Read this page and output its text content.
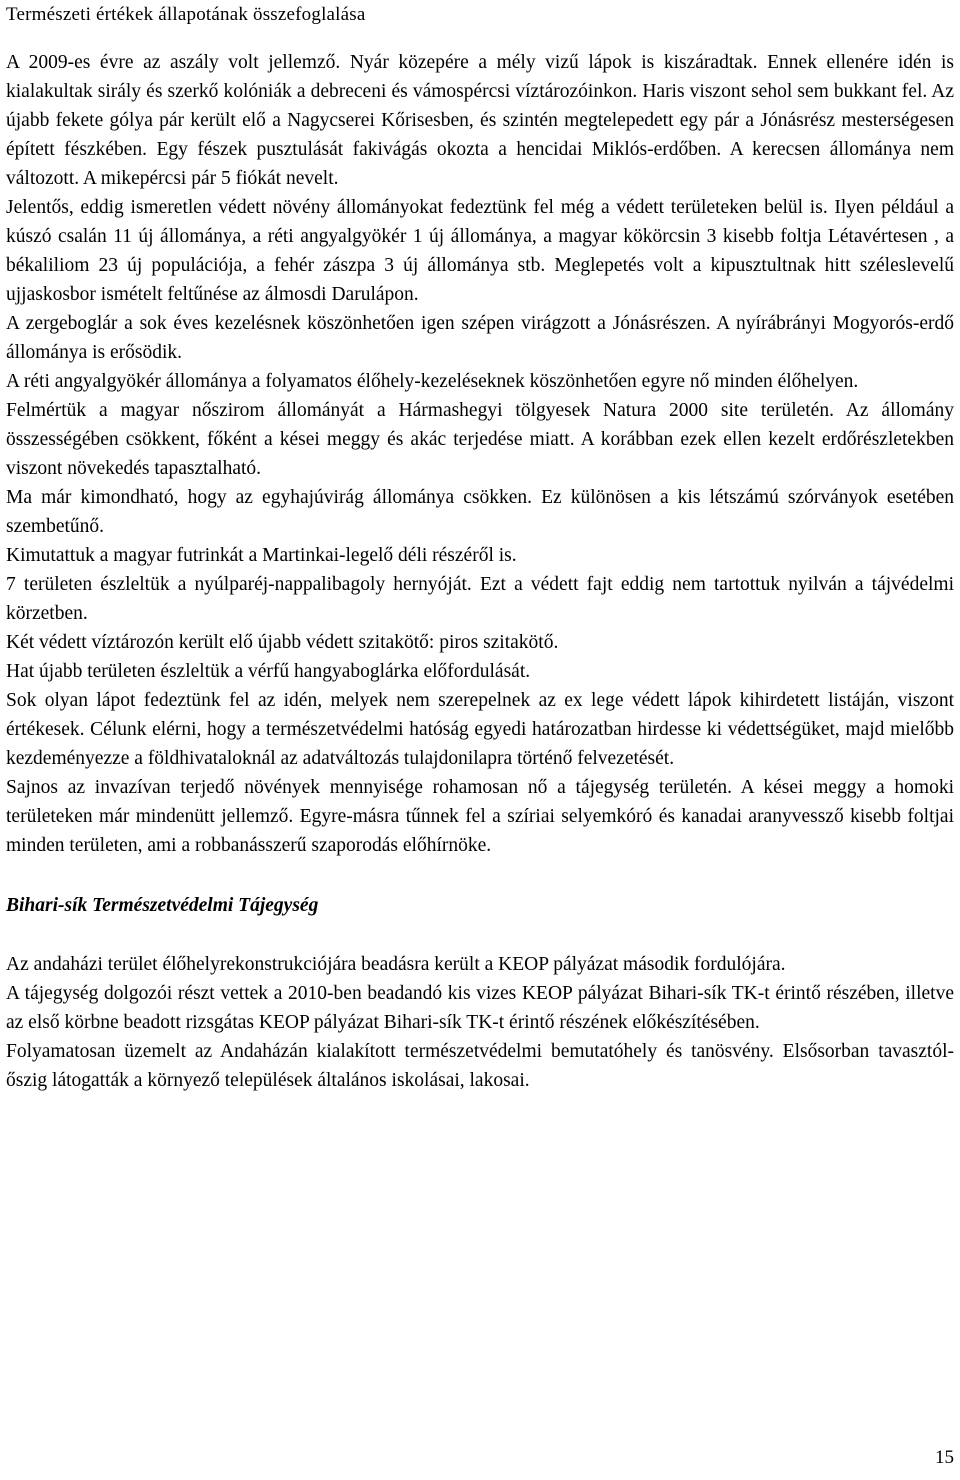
Természeti értékek állapotának összefoglalása

A 2009-es évre az aszály volt jellemző. Nyár közepére a mély vizű lápok is kiszáradtak. Ennek ellenére idén is kialakultak sirály és szerkő kolóniák a debreceni és vámospércsi víztározóinkon. Haris viszont sehol sem bukkant fel. Az újabb fekete gólya pár került elő a Nagycserei Kőrisesben, és szintén megtelepedett egy pár a Jónásrész mesterségesen épített fészkében. Egy fészek pusztulását fakivágás okozta a hencidai Miklós-erdőben. A kerecsen állománya nem változott. A mikepércsi pár 5 fiókát nevelt.

Jelentős, eddig ismeretlen védett növény állományokat fedeztünk fel még a védett területeken belül is. Ilyen például a kúszó csalán 11 új állománya, a réti angyalgyökér 1 új állománya, a magyar kökörcsin 3 kisebb foltja Létavértesen , a békaliliom 23 új populációja, a fehér zászpa 3 új állománya stb. Meglepetés volt a kipusztultnak hitt széleslevelű ujjaskosbor ismételt feltűnése az álmosdi Darulápon.

A zergeboglár a sok éves kezelésnek köszönhetően igen szépen virágzott a Jónásrészen. A nyírábrányi Mogyorós-erdő állománya is erősödik.

A réti angyalgyökér állománya a folyamatos élőhely-kezeléseknek köszönhetően egyre nő minden élőhelyen.

Felmértük a magyar nőszirom állományát a Hármashegyi tölgyesek Natura 2000 site területén. Az állomány összességében csökkent, főként a kései meggy és akác terjedése miatt. A korábban ezek ellen kezelt erdőrészletekben viszont növekedés tapasztalható.

Ma már kimondható, hogy az egyhajúvirág állománya csökken. Ez különösen a kis létszámú szórványok esetében szembetűnő.

Kimutattuk a magyar futrinkát a Martinkai-legelő déli részéről is.

7 területen észleltük a nyúlparéj-nappalibagoly hernyóját. Ezt a védett fajt eddig nem tartottuk nyilván a tájvédelmi körzetben.

Két védett víztározón került elő újabb védett szitakötő: piros szitakötő.

Hat újabb területen észleltük a vérfű hangyaboglárka előfordulását.

Sok olyan lápot fedeztünk fel az idén, melyek nem szerepelnek az ex lege védett lápok kihirdetett listáján, viszont értékesek. Célunk elérni, hogy a természetvédelmi hatóság egyedi határozatban hirdesse ki védettségüket, majd mielőbb kezdeményezze a földhivataloknál az adatváltozás tulajdonilapra történő felvezetését.

Sajnos az invazívan terjedő növények mennyisége rohamosan nő a tájegység területén. A kései meggy a homoki területeken már mindenütt jellemző. Egyre-másra tűnnek fel a szíriai selyemkóró és kanadai aranyvessző kisebb foltjai minden területen, ami a robbanásszerű szaporodás előhírnöke.

Bihari-sík Természetvédelmi Tájegység

Az andaházi terület élőhelyrekonstrukciójára beadásra került a KEOP pályázat második fordulójára.

A tájegység dolgozói részt vettek a 2010-ben beadandó kis vizes KEOP pályázat Bihari-sík TK-t érintő részében, illetve az első körbne beadott rizsgátas KEOP pályázat Bihari-sík TK-t érintő részének előkészítésében.

Folyamatosan üzemelt az Andaházán kialakított természetvédelmi bemutatóhely és tanösvény. Elsősorban tavasztól-őszig látogatták a környező települések általános iskolásai, lakosai.

15
